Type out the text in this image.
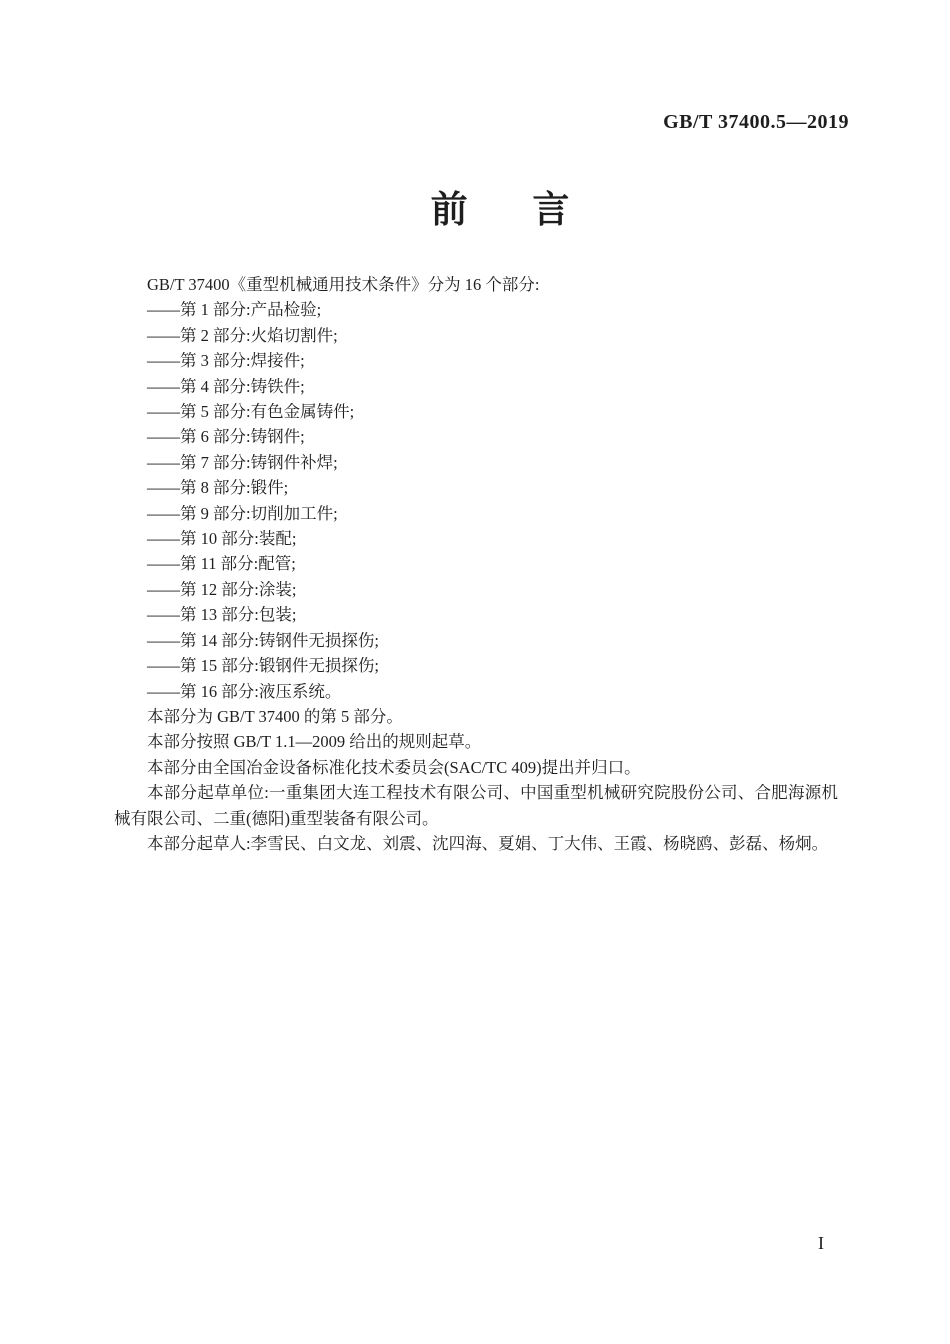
GB/T 37400.5—2019
前言

GB/T 37400《重型机械通用技术条件》分为 16 个部分:

——第 1 部分:产品检验;

——第 2 部分:火焰切割件;

——第 3 部分:焊接件;

——第 4 部分:铸铁件;

——第 5 部分:有色金属铸件;

——第 6 部分:铸钢件;

——第 7 部分:铸钢件补焊;

——第 8 部分:锻件;

——第 9 部分:切削加工件;

——第 10 部分:装配;

——第 11 部分:配管;

——第 12 部分:涂装;

——第 13 部分:包装;

——第 14 部分:铸钢件无损探伤;

——第 15 部分:锻钢件无损探伤;

——第 16 部分:液压系统。

本部分为 GB/T 37400 的第 5 部分。

本部分按照 GB/T 1.1—2009 给出的规则起草。

本部分由全国冶金设备标准化技术委员会(SAC/TC 409)提出并归口。

本部分起草单位:一重集团大连工程技术有限公司、中国重型机械研究院股份公司、合肥海源机械有限公司、二重(德阳)重型装备有限公司。

本部分起草人:李雪民、白文龙、刘震、沈四海、夏娟、丁大伟、王霞、杨晓鸥、彭磊、杨炯。

I
